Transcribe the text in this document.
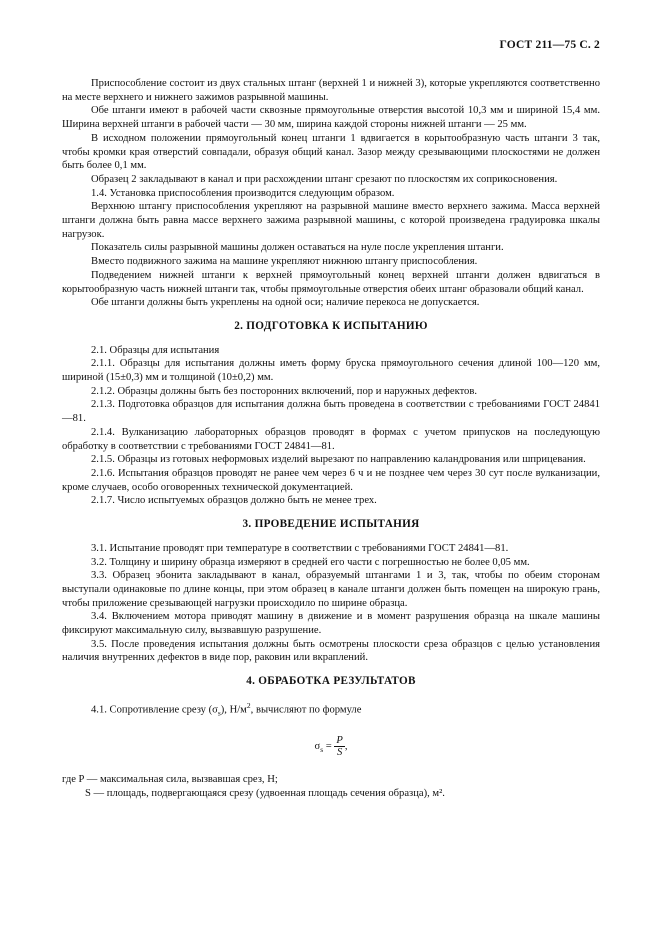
ГОСТ 211—75 С. 2

Приспособление состоит из двух стальных штанг (верхней 1 и нижней 3), которые укрепляются соответственно на месте верхнего и нижнего зажимов разрывной машины.

Обе штанги имеют в рабочей части сквозные прямоугольные отверстия высотой 10,3 мм и шириной 15,4 мм. Ширина верхней штанги в рабочей части — 30 мм, ширина каждой стороны нижней штанги — 25 мм.

В исходном положении прямоугольный конец штанги 1 вдвигается в корытообразную часть штанги 3 так, чтобы кромки края отверстий совпадали, образуя общий канал. Зазор между срезывающими плоскостями не должен быть более 0,1 мм.

Образец 2 закладывают в канал и при расхождении штанг срезают по плоскостям их соприкосновения.

1.4. Установка приспособления производится следующим образом.

Верхнюю штангу приспособления укрепляют на разрывной машине вместо верхнего зажима. Масса верхней штанги должна быть равна массе верхнего зажима разрывной машины, с которой произведена градуировка шкалы нагрузок.

Показатель силы разрывной машины должен оставаться на нуле после укрепления штанги.

Вместо подвижного зажима на машине укрепляют нижнюю штангу приспособления.

Подведением нижней штанги к верхней прямоугольный конец верхней штанги должен вдвигаться в корытообразную часть нижней штанги так, чтобы прямоугольные отверстия обеих штанг образовали общий канал.

Обе штанги должны быть укреплены на одной оси; наличие перекоса не допускается.

2. ПОДГОТОВКА К ИСПЫТАНИЮ

2.1. Образцы для испытания

2.1.1. Образцы для испытания должны иметь форму бруска прямоугольного сечения длиной 100—120 мм, шириной (15±0,3) мм и толщиной (10±0,2) мм.

2.1.2. Образцы должны быть без посторонних включений, пор и наружных дефектов.

2.1.3. Подготовка образцов для испытания должна быть проведена в соответствии с требованиями ГОСТ 24841—81.

2.1.4. Вулканизацию лабораторных образцов проводят в формах с учетом припусков на последующую обработку в соответствии с требованиями ГОСТ 24841—81.

2.1.5. Образцы из готовых неформовых изделий вырезают по направлению каландрования или шприцевания.

2.1.6. Испытания образцов проводят не ранее чем через 6 ч и не позднее чем через 30 сут после вулканизации, кроме случаев, особо оговоренных технической документацией.

2.1.7. Число испытуемых образцов должно быть не менее трех.

3. ПРОВЕДЕНИЕ ИСПЫТАНИЯ

3.1. Испытание проводят при температуре в соответствии с требованиями ГОСТ 24841—81.

3.2. Толщину и ширину образца измеряют в средней его части с погрешностью не более 0,05 мм.

3.3. Образец эбонита закладывают в канал, образуемый штангами 1 и 3, так, чтобы по обеим сторонам выступали одинаковые по длине концы, при этом образец в канале штанги должен быть помещен на широкую грань, чтобы приложение срезывающей нагрузки происходило по ширине образца.

3.4. Включением мотора приводят машину в движение и в момент разрушения образца на шкале машины фиксируют максимальную силу, вызвавшую разрушение.

3.5. После проведения испытания должны быть осмотрены плоскости среза образцов с целью установления наличия внутренних дефектов в виде пор, раковин или вкраплений.

4. ОБРАБОТКА РЕЗУЛЬТАТОВ

4.1. Сопротивление срезу $(\sigma_s)$, $Н/м^2$, вычисляют по формуле

$\sigma_s = \frac{P}{S}$ ,

где P — максимальная сила, вызвавшая срез, Н;

S — площадь, подвергающаяся срезу (удвоенная площадь сечения образца), м².
